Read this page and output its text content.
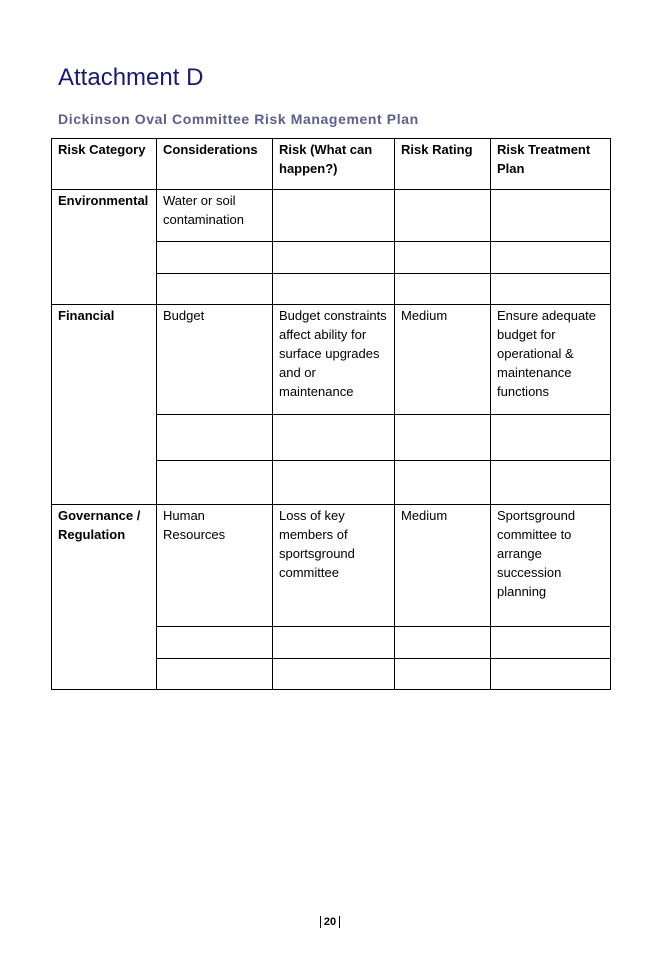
Attachment D
Dickinson Oval Committee Risk Management Plan
Risk Category	Considerations	Risk (What can happen?)	Risk Rating	Risk Treatment Plan
Environmental	Water or soil contamination			

Financial	Budget	Budget constraints affect ability for surface upgrades and or maintenance	Medium	Ensure adequate budget for operational & maintenance functions

Governance / Regulation	Human Resources	Loss of key members of sportsground committee	Medium	Sportsground committee to arrange succession planning

20
